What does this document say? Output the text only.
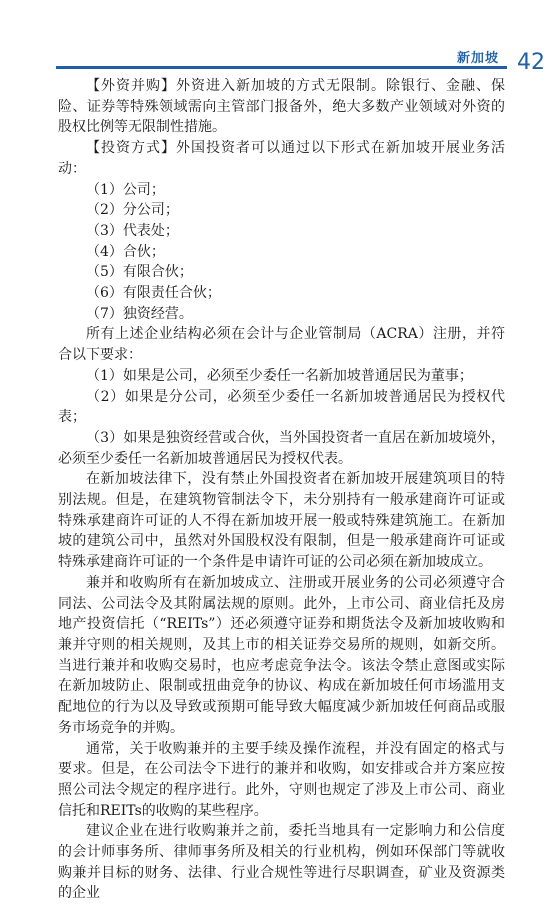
新加坡 42

【外资并购】外资进入新加坡的方式无限制。除银行、金融、保险、证券等特殊领域需向主管部门报备外，绝大多数产业领域对外资的股权比例等无限制性措施。

【投资方式】外国投资者可以通过以下形式在新加坡开展业务活动：

（1）公司；

（2）分公司；

（3）代表处；

（4）合伙；

（5）有限合伙；

（6）有限责任合伙；

（7）独资经营。

所有上述企业结构必须在会计与企业管制局（ACRA）注册，并符合以下要求：

（1）如果是公司，必须至少委任一名新加坡普通居民为董事；

（2）如果是分公司，必须至少委任一名新加坡普通居民为授权代表；

（3）如果是独资经营或合伙，当外国投资者一直居在新加坡境外，必须至少委任一名新加坡普通居民为授权代表。

在新加坡法律下，没有禁止外国投资者在新加坡开展建筑项目的特别法规。但是，在建筑物管制法令下，未分别持有一般承建商许可证或特殊承建商许可证的人不得在新加坡开展一般或特殊建筑施工。在新加坡的建筑公司中，虽然对外国股权没有限制，但是一般承建商许可证或特殊承建商许可证的一个条件是申请许可证的公司必须在新加坡成立。

兼并和收购所有在新加坡成立、注册或开展业务的公司必须遵守合同法、公司法令及其附属法规的原则。此外，上市公司、商业信托及房地产投资信托（“REITs”）还必须遵守证券和期货法令及新加坡收购和兼并守则的相关规则，及其上市的相关证券交易所的规则，如新交所。当进行兼并和收购交易时，也应考虑竞争法令。该法令禁止意图或实际在新加坡防止、限制或扭曲竞争的协议、构成在新加坡任何市场滥用支配地位的行为以及导致或预期可能导致大幅度减少新加坡任何商品或服务市场竞争的并购。

通常，关于收购兼并的主要手续及操作流程，并没有固定的格式与要求。但是，在公司法令下进行的兼并和收购，如安排或合并方案应按照公司法令规定的程序进行。此外，守则也规定了涉及上市公司、商业信托和REITs的收购的某些程序。

建议企业在进行收购兼并之前，委托当地具有一定影响力和公信度的会计师事务所、律师事务所及相关的行业机构，例如环保部门等就收购兼并目标的财务、法律、行业合规性等进行尽职调查，矿业及资源类的企业
